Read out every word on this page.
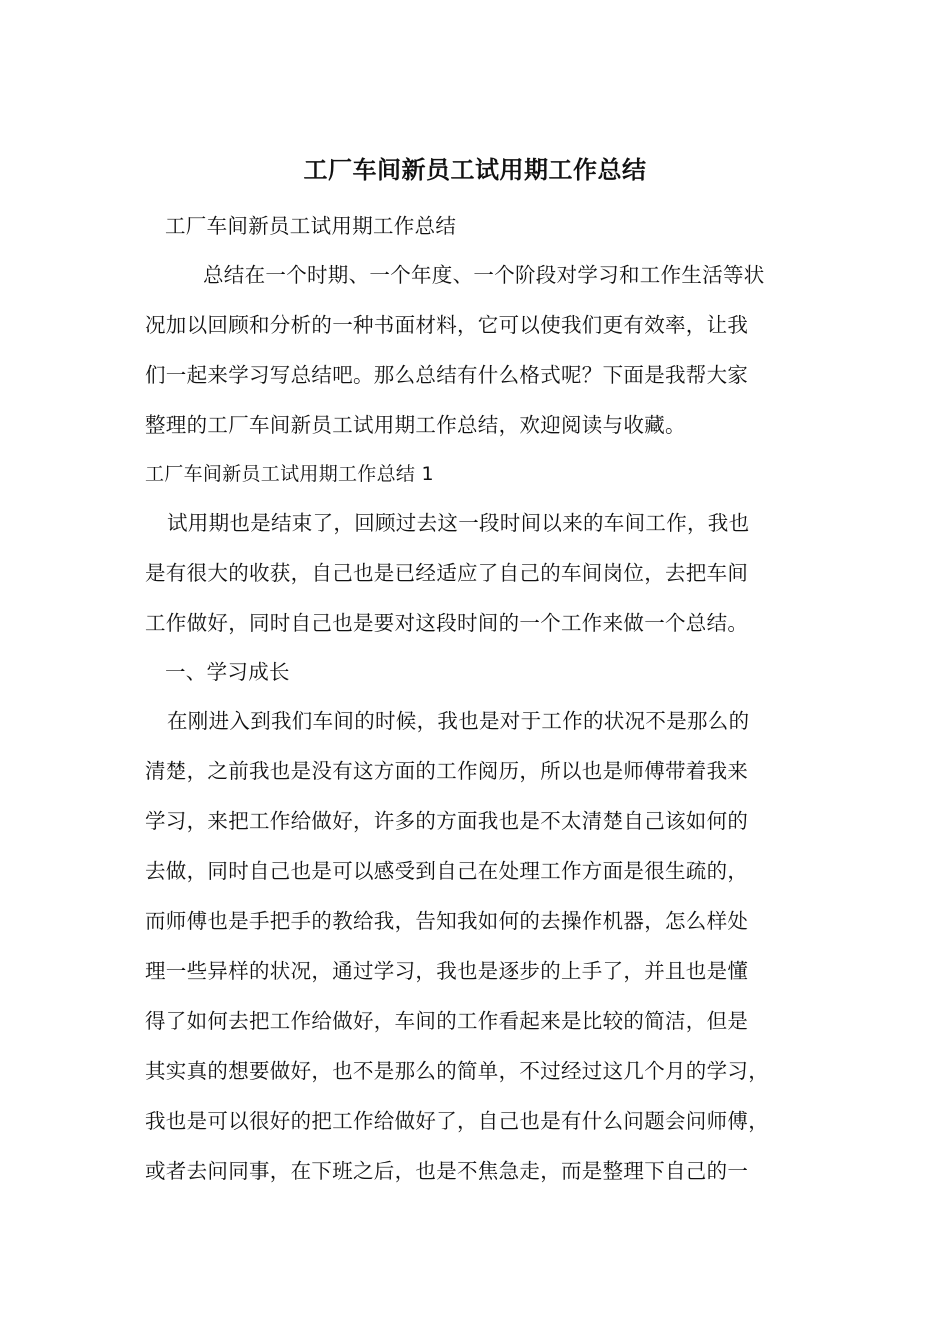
工厂车间新员工试用期工作总结
工厂车间新员工试用期工作总结
总结在一个时期、一个年度、一个阶段对学习和工作生活等状
况加以回顾和分析的一种书面材料，它可以使我们更有效率，让我
们一起来学习写总结吧。那么总结有什么格式呢？下面是我帮大家
整理的工厂车间新员工试用期工作总结，欢迎阅读与收藏。
工厂车间新员工试用期工作总结 1
试用期也是结束了，回顾过去这一段时间以来的车间工作，我也
是有很大的收获，自己也是已经适应了自己的车间岗位，去把车间
工作做好，同时自己也是要对这段时间的一个工作来做一个总结。
一、学习成长
在刚进入到我们车间的时候，我也是对于工作的状况不是那么的
清楚，之前我也是没有这方面的工作阅历，所以也是师傅带着我来
学习，来把工作给做好，许多的方面我也是不太清楚自己该如何的
去做，同时自己也是可以感受到自己在处理工作方面是很生疏的，
而师傅也是手把手的教给我，告知我如何的去操作机器，怎么样处
理一些异样的状况，通过学习，我也是逐步的上手了，并且也是懂
得了如何去把工作给做好，车间的工作看起来是比较的简洁，但是
其实真的想要做好，也不是那么的简单，不过经过这几个月的学习，
我也是可以很好的把工作给做好了，自己也是有什么问题会问师傅，
或者去问同事，在下班之后，也是不焦急走，而是整理下自己的一
